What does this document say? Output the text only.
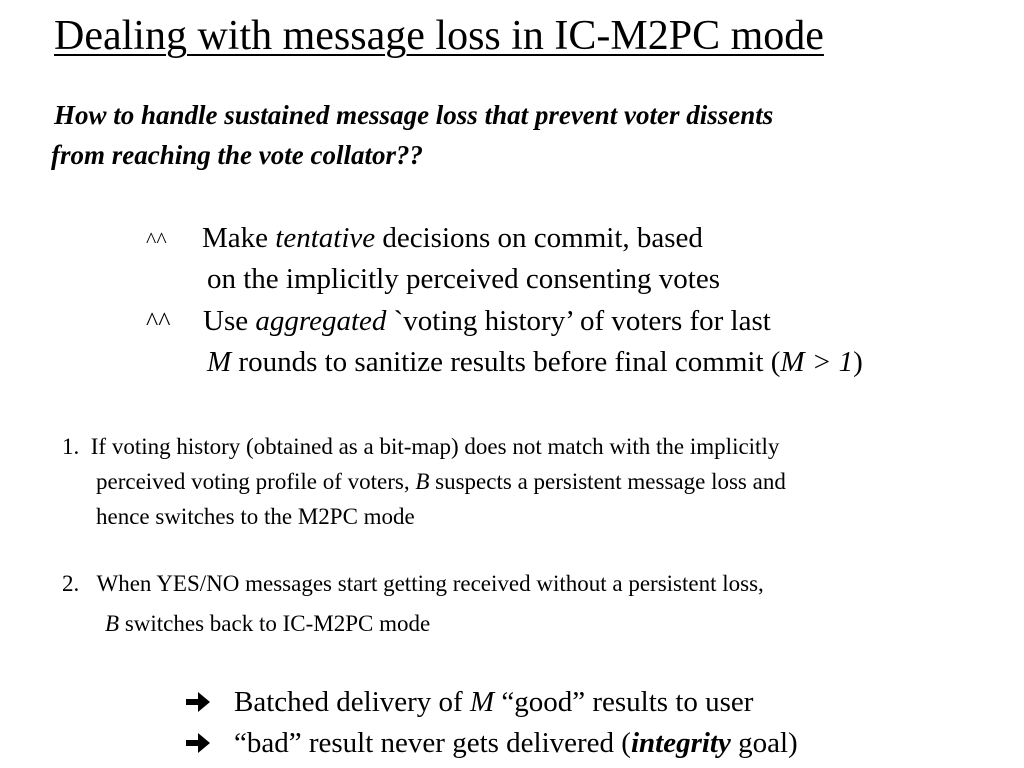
Dealing with message loss in IC-M2PC mode
How to handle sustained message loss that prevent voter dissents
from reaching the vote collator??
^^ Make tentative decisions on commit, based
on the implicitly perceived consenting votes
^^ Use aggregated `voting history’ of voters for last
M rounds to sanitize results before final commit (M > 1)
1. If voting history (obtained as a bit-map) does not match with the implicitly
perceived voting profile of voters, B suspects a persistent message loss and
hence switches to the M2PC mode
2. When YES/NO messages start getting received without a persistent loss,
B switches back to IC-M2PC mode
Batched delivery of M “good” results to user
“bad” result never gets delivered (integrity goal)
